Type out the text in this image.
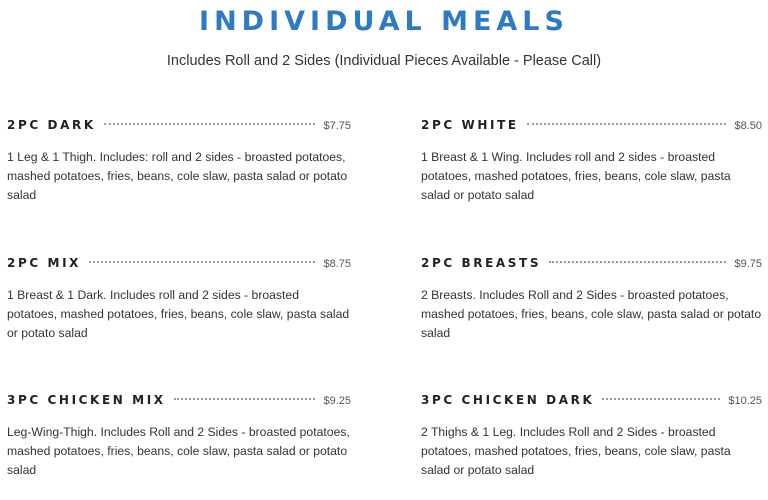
INDIVIDUAL MEALS
Includes Roll and 2 Sides (Individual Pieces Available - Please Call)
2PC DARK	$7.75
1 Leg & 1 Thigh. Includes: roll and 2 sides - broasted potatoes, mashed potatoes, fries, beans, cole slaw, pasta salad or potato salad
2PC WHITE	$8.50
1 Breast & 1 Wing. Includes roll and 2 sides - broasted potatoes, mashed potatoes, fries, beans, cole slaw, pasta salad or potato salad
2PC MIX	$8.75
1 Breast & 1 Dark. Includes roll and 2 sides - broasted potatoes, mashed potatoes, fries, beans, cole slaw, pasta salad or potato salad
2PC BREASTS	$9.75
2 Breasts. Includes Roll and 2 Sides - broasted potatoes, mashed potatoes, fries, beans, cole slaw, pasta salad or potato salad
3PC CHICKEN MIX	$9.25
Leg-Wing-Thigh. Includes Roll and 2 Sides - broasted potatoes, mashed potatoes, fries, beans, cole slaw, pasta salad or potato salad
3PC CHICKEN DARK	$10.25
2 Thighs & 1 Leg. Includes Roll and 2 Sides - broasted potatoes, mashed potatoes, fries, beans, cole slaw, pasta salad or potato salad
